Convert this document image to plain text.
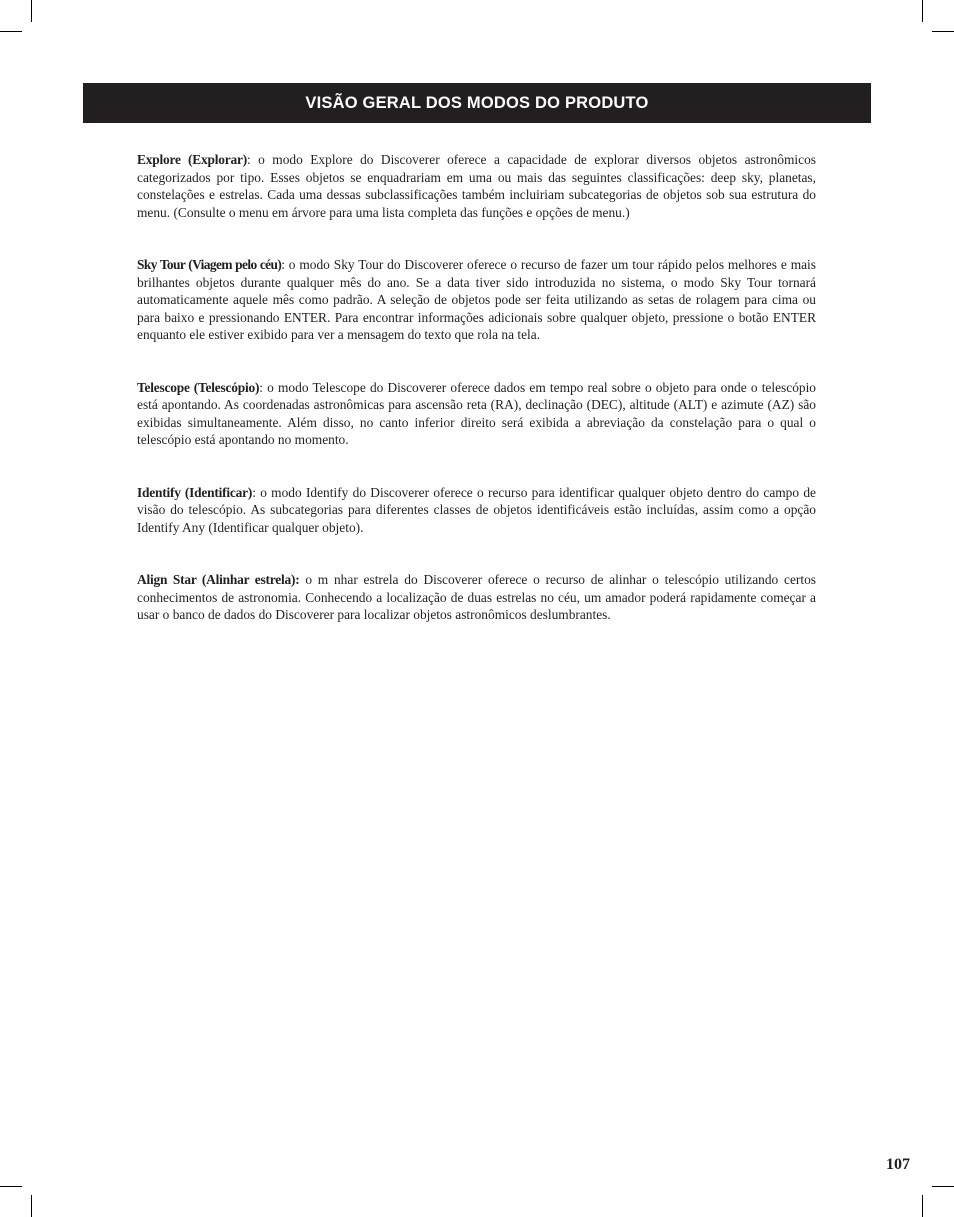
VISÃO GERAL DOS MODOS DO PRODUTO

Explore (Explorar): o modo Explore do Discoverer oferece a capacidade de explorar diversos objetos astronômicos categorizados por tipo. Esses objetos se enquadrariam em uma ou mais das seguintes classificações: deep sky, planetas, constelações e estrelas. Cada uma dessas subclassificações também incluiriam subcategorias de objetos sob sua estrutura do menu. (Consulte o menu em árvore para uma lista completa das funções e opções de menu.)

Sky Tour (Viagem pelo céu): o modo Sky Tour do Discoverer oferece o recurso de fazer um tour rápido pelos melhores e mais brilhantes objetos durante qualquer mês do ano. Se a data tiver sido introduzida no sistema, o modo Sky Tour tornará automaticamente aquele mês como padrão. A seleção de objetos pode ser feita utilizando as setas de rolagem para cima ou para baixo e pressionando ENTER. Para encontrar informações adicionais sobre qualquer objeto, pressione o botão ENTER enquanto ele estiver exibido para ver a mensagem do texto que rola na tela.

Telescope (Telescópio): o modo Telescope do Discoverer oferece dados em tempo real sobre o objeto para onde o telescópio está apontando. As coordenadas astronômicas para ascensão reta (RA), declinação (DEC), altitude (ALT) e azimute (AZ) são exibidas simultaneamente. Além disso, no canto inferior direito será exibida a abreviação da constelação para o qual o telescópio está apontando no momento.

Identify (Identificar): o modo Identify do Discoverer oferece o recurso para identificar qualquer objeto dentro do campo de visão do telescópio. As subcategorias para diferentes classes de objetos identificáveis estão incluídas, assim como a opção Identify Any (Identificar qualquer objeto).

Align Star (Alinhar estrela): o m nhar estrela do Discoverer oferece o recurso de alinhar o telescópio utilizando certos conhecimentos de astronomia. Conhecendo a localização de duas estrelas no céu, um amador poderá rapidamente começar a usar o banco de dados do Discoverer para localizar objetos astronômicos deslumbrantes.

107
